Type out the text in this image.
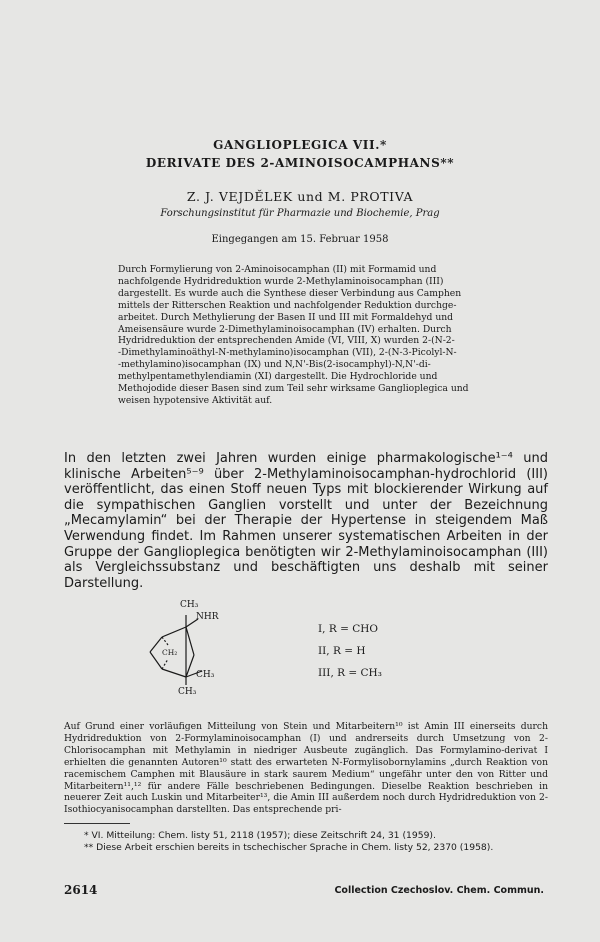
GANGLIOPLEGICA VII.*
DERIVATE DES 2-AMINOISOCAMPHANS**
Z. J. VEJDĚLEK und M. PROTIVA
Forschungsinstitut für Pharmazie und Biochemie, Prag
Eingegangen am 15. Februar 1958
Durch Formylierung von 2-Aminoisocamphan (II) mit Formamid und
nachfolgende Hydridreduktion wurde 2-Methylaminoisocamphan (III)
dargestellt. Es wurde auch die Synthese dieser Verbindung aus Camphen
mittels der Ritterschen Reaktion und nachfolgender Reduktion durchge-
arbeitet. Durch Methylierung der Basen II und III mit Formaldehyd und
Ameisensäure wurde 2-Dimethylaminoisocamphan (IV) erhalten. Durch
Hydridreduktion der entsprechenden Amide (VI, VIII, X) wurden 2-(N-2-
-Dimethylaminoäthyl-N-methylamino)isocamphan (VII), 2-(N-3-Picolyl-N-
-methylamino)isocamphan (IX) und N,N'-Bis(2-isocamphyl)-N,N'-di-
methylpentamethylendiamin (XI) dargestellt. Die Hydrochloride und
Methojodide dieser Basen sind zum Teil sehr wirksame Ganglioplegica und
weisen hypotensive Aktivität auf.
In den letzten zwei Jahren wurden einige pharmakologische¹⁻⁴ und klinische Arbeiten⁵⁻⁹ über 2-Methylaminoisocamphan-hydrochlorid (III) veröffentlicht, das einen Stoff neuen Typs mit blockierender Wirkung auf die sympathischen Ganglien vorstellt und unter der Bezeichnung „Mecamylamin“ bei der Therapie der Hypertense in steigendem Maß Verwendung findet. Im Rahmen unserer systematischen Arbeiten in der Gruppe der Ganglioplegica benötigten wir 2-Methylaminoisocamphan (III) als Vergleichssubstanz und beschäftigten uns deshalb mit seiner Darstellung.
CH₃
NHR
CH₂
CH₃
CH₃
I, R = CHO
II, R = H
III, R = CH₃
Auf Grund einer vorläufigen Mitteilung von Stein und Mitarbeitern¹⁰ ist Amin III einerseits durch Hydridreduktion von 2-Formylaminoisocamphan (I) und andrerseits durch Umsetzung von 2-Chlorisocamphan mit Methylamin in niedriger Ausbeute zugänglich. Das Formylamino-derivat I erhielten die genannten Autoren¹⁰ statt des erwarteten N-Formylisobornylamins „durch Reaktion von racemischem Camphen mit Blausäure in stark saurem Medium“ ungefähr unter den von Ritter und Mitarbeitern¹¹,¹² für andere Fälle beschriebenen Bedingungen. Dieselbe Reaktion beschrieben in neuerer Zeit auch Luskin und Mitarbeiter¹³, die Amin III außerdem noch durch Hydridreduktion von 2-Isothiocyanisocamphan darstellten. Das entsprechende pri-
* VI. Mitteilung: Chem. listy 51, 2118 (1957); diese Zeitschrift 24, 31 (1959).
** Diese Arbeit erschien bereits in tschechischer Sprache in Chem. listy 52, 2370 (1958).
2614	Collection Czechoslov. Chem. Commun.
